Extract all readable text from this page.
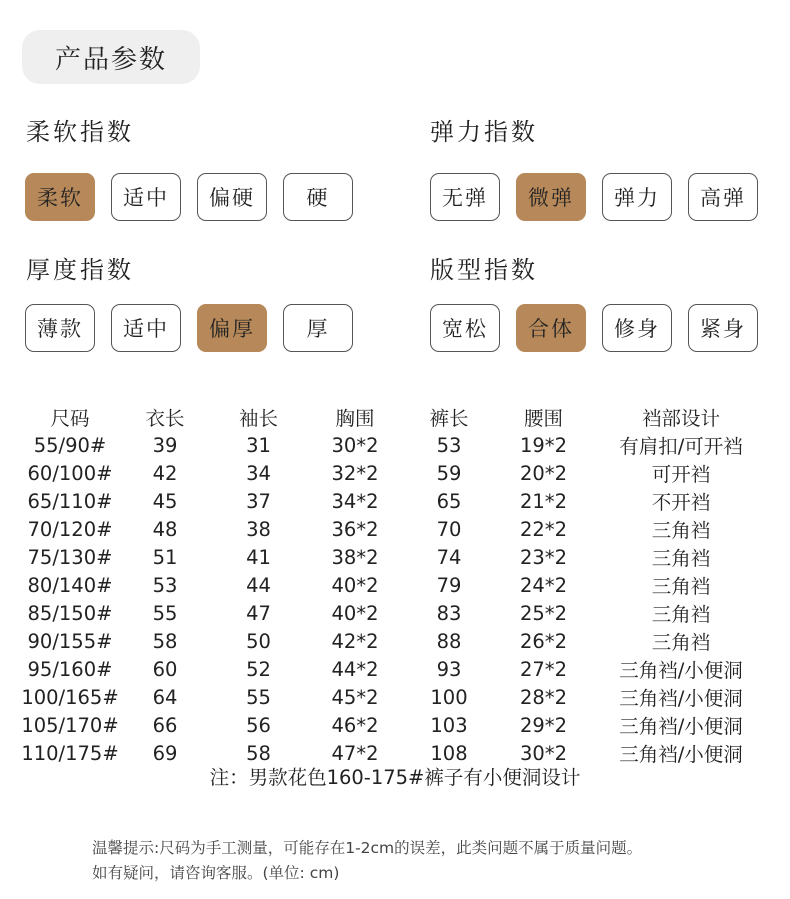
产品参数
柔软指数
柔软	适中	偏硬	硬
弹力指数
无弹	微弹	弹力	高弹
厚度指数
薄款	适中	偏厚	厚
版型指数
宽松	合体	修身	紧身
尺码	衣长	袖长	胸围	裤长	腰围	裆部设计
55/90#	39	31	30*2	53	19*2	有肩扣/可开裆
60/100#	42	34	32*2	59	20*2	可开裆
65/110#	45	37	34*2	65	21*2	不开裆
70/120#	48	38	36*2	70	22*2	三角裆
75/130#	51	41	38*2	74	23*2	三角裆
80/140#	53	44	40*2	79	24*2	三角裆
85/150#	55	47	40*2	83	25*2	三角裆
90/155#	58	50	42*2	88	26*2	三角裆
95/160#	60	52	44*2	93	27*2	三角裆/小便洞
100/165#	64	55	45*2	100	28*2	三角裆/小便洞
105/170#	66	56	46*2	103	29*2	三角裆/小便洞
110/175#	69	58	47*2	108	30*2	三角裆/小便洞
注：男款花色160-175#裤子有小便洞设计
温馨提示:尺码为手工测量，可能存在1-2cm的误差，此类问题不属于质量问题。
如有疑问，请咨询客服。(单位: cm)
